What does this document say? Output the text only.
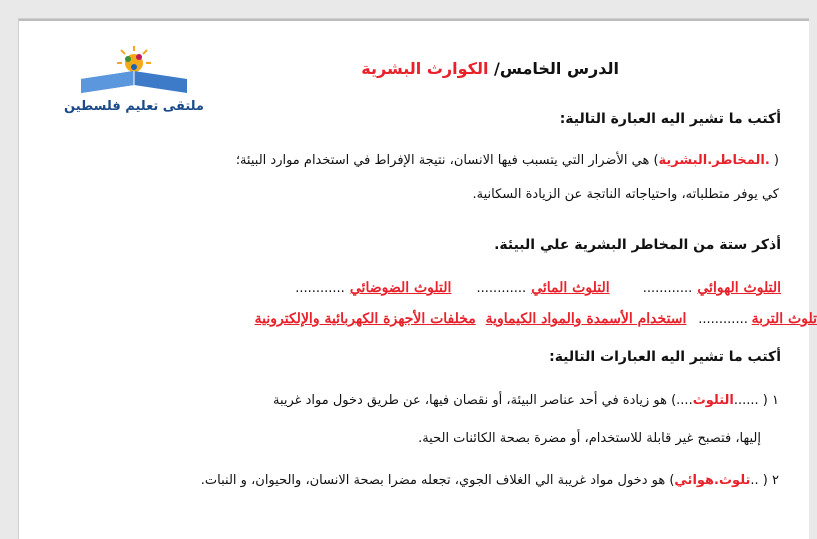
ملتقى تعليم فلسطين
الدرس الخامس/ الكوارث البشرية
أكتب ما تشير اليه العبارة التالية:
( .المخاطر.البشرية) هي الأضرار التي يتسبب فيها الانسان، نتيجة الإفراط في استخدام موارد البيئة؛
كي يوفر متطلباته، واحتياجاته الناتجة عن الزيادة السكانية.
أذكر ستة من المخاطر البشرية علي البيئة.
التلوث الهوائي ............ التلوث المائي ............ التلوث الضوضائي ............
تلوث التربة ............ استخدام الأسمدة والمواد الكيماوية مخلفات الأجهزة الكهربائية والإلكترونية
أكتب ما تشير اليه العبارات التالية:
١ ( ......التلوث....) هو زيادة في أحد عناصر البيئة، أو نقصان فيها، عن طريق دخول مواد غريبة
إليها، فتصبح غير قابلة للاستخدام، أو مضرة بصحة الكائنات الحية.
٢ ( ..تلوث.هوائي) هو دخول مواد غريبة الي الغلاف الجوي، تجعله مضرا بصحة الانسان، والحيوان، و النبات.
